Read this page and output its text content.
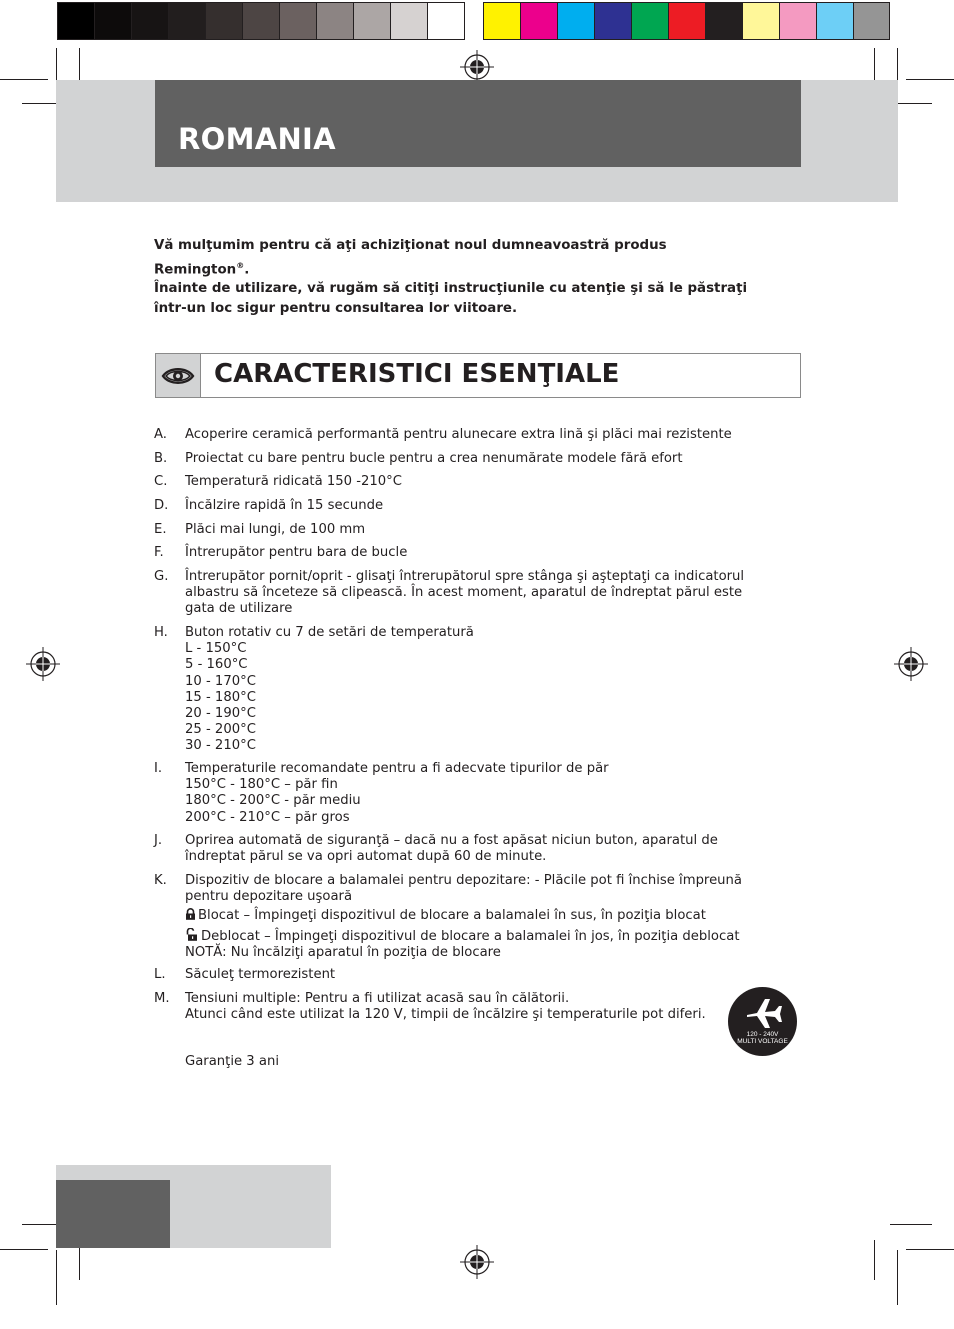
ROMANIA

Vă mulţumim pentru că aţi achiziţionat noul dumneavoastră produs

Remington®.

Înainte de utilizare, vă rugăm să citiţi instrucţiunile cu atenţie şi să le păstraţi

într-un loc sigur pentru consultarea lor viitoare.

CARACTERISTICI ESENŢIALE
A.	Acoperire ceramică performantă pentru alunecare extra lină şi plăci mai rezistente
B.	Proiectat cu bare pentru bucle pentru a crea nenumărate modele fără efort
C.	Temperatură ridicată 150 -210°C
D.	Încălzire rapidă în 15 secunde
E.	Plăci mai lungi, de 100 mm
F.	Întrerupător pentru bara de bucle
G.	Întrerupător pornit/oprit - glisaţi întrerupătorul spre stânga şi aşteptaţi ca indicatorul
albastru să înceteze să clipească. În acest moment, aparatul de îndreptat părul este
gata de utilizare
H.	Buton rotativ cu 7 de setări de temperatură
L - 150°C
5 - 160°C
10 - 170°C
15 - 180°C
20 - 190°C
25 - 200°C
30 - 210°C
I.	Temperaturile recomandate pentru a fi adecvate tipurilor de păr
150°C - 180°C – păr fin
180°C - 200°C - păr mediu
200°C - 210°C – păr gros
J.	Oprirea automată de siguranţă – dacă nu a fost apăsat niciun buton, aparatul de
îndreptat părul se va opri automat după 60 de minute.
K.	Dispozitiv de blocare a balamalei pentru depozitare: - Plăcile pot fi închise împreună
pentru depozitare uşoară
Blocat – Împingeţi dispozitivul de blocare a balamalei în sus, în poziţia blocat
Deblocat – Împingeţi dispozitivul de blocare a balamalei în jos, în poziţia deblocat
NOTĂ: Nu încălziţi aparatul în poziţia de blocare
L.	Săculeţ termorezistent
M.	Tensiuni multiple: Pentru a fi utilizat acasă sau în călătorii.
Atunci când este utilizat la 120 V, timpii de încălzire şi temperaturile pot diferi.
120 - 240V
MULTI VOLTAGE
Garanţie 3 ani
